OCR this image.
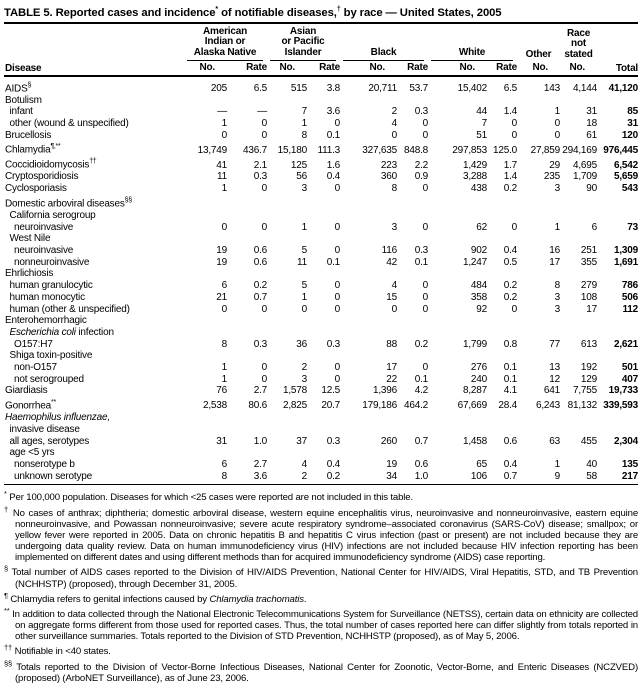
TABLE 5. Reported cases and incidence* of notifiable diseases,† by race — United States, 2005
Disease	
American
Indian or
Alaska Native

Asian
or Pacific
Islander	Black	White	Other

Race
not
stated
	Total
	No.	Rate	No.	Rate	No.	Rate	No.	Rate	No.	No.	
AIDS§	205	6.5	515	3.8	20,711	53.7	15,402	6.5	143	4,144	41,120
Botulism											
infant	—	—	7	3.6	2	0.3	44	1.4	1	31	85
other (wound & unspecified)	1	0	1	0	4	0	7	0	0	18	31
Brucellosis	0	0	8	0.1	0	0	51	0	0	61	120
Chlamydia¶,**	13,749	436.7	15,180	111.3	327,635	848.8	297,853	125.0	27,859	294,169	976,445
Coccidioidomycosis††	41	2.1	125	1.6	223	2.2	1,429	1.7	29	4,695	6,542
Cryptosporidiosis	11	0.3	56	0.4	360	0.9	3,288	1.4	235	1,709	5,659
Cyclosporiasis	1	0	3	0	8	0	438	0.2	3	90	543
Domestic arboviral diseases§§											
California serogroup											
neuroinvasive	0	0	1	0	3	0	62	0	1	6	73
West Nile											
neuroinvasive	19	0.6	5	0	116	0.3	902	0.4	16	251	1,309
nonneuroinvasive	19	0.6	11	0.1	42	0.1	1,247	0.5	17	355	1,691
Ehrlichiosis											
human granulocytic	6	0.2	5	0	4	0	484	0.2	8	279	786
human monocytic	21	0.7	1	0	15	0	358	0.2	3	108	506
human (other & unspecified)	0	0	0	0	0	0	92	0	3	17	112
Enterohemorrhagic											
Escherichia coli infection											
O157:H7	8	0.3	36	0.3	88	0.2	1,799	0.8	77	613	2,621
Shiga toxin-positive											
non-O157	1	0	2	0	17	0	276	0.1	13	192	501
not serogrouped	1	0	3	0	22	0.1	240	0.1	12	129	407
Giardiasis	76	2.7	1,578	12.5	1,396	4.2	8,287	4.1	641	7,755	19,733
Gonorrhea**	2,538	80.6	2,825	20.7	179,186	464.2	67,669	28.4	6,243	81,132	339,593
Haemophilus influenzae,											
invasive disease											
all ages, serotypes	31	1.0	37	0.3	260	0.7	1,458	0.6	63	455	2,304
age <5 yrs											
nonserotype b	6	2.7	4	0.4	19	0.6	65	0.4	1	40	135
unknown serotype	8	3.6	2	0.2	34	1.0	106	0.7	9	58	217
* Per 100,000 population. Diseases for which <25 cases were reported are not included in this table.
† No cases of anthrax; diphtheria; domestic arboviral disease, western equine encephalitis virus, neuroinvasive and nonneuroinvasive, eastern equine nonneuroinvasive, and Powassan nonneuroinvasive; severe acute respiratory syndrome–associated coronavirus (SARS-CoV) disease; smallpox; or yellow fever were reported in 2005. Data on chronic hepatitis B and hepatitis C virus infection (past or present) are not included because they are undergoing data quality review. Data on human immunodeficiency virus (HIV) infections are not included because HIV infection reporting has been implemented on different dates and using different methods than for acquired immunodeficiency syndrome (AIDS) case reporting.
§ Total number of AIDS cases reported to the Division of HIV/AIDS Prevention, National Center for HIV/AIDS, Viral Hepatitis, STD, and TB Prevention (NCHHSTP) (proposed), through December 31, 2005.
¶ Chlamydia refers to genital infections caused by Chlamydia trachomatis.
** In addition to data collected through the National Electronic Telecommunications System for Surveillance (NETSS), certain data on ethnicity are collected on aggregate forms different from those used for reported cases. Thus, the total number of cases reported here can differ slightly from totals reported in other surveillance summaries. Totals reported to the Division of STD Prevention, NCHHSTP (proposed), as of May 5, 2006.
†† Notifiable in <40 states.
§§ Totals reported to the Division of Vector-Borne Infectious Diseases, National Center for Zoonotic, Vector-Borne, and Enteric Diseases (NCZVED) (proposed) (ArboNET Surveillance), as of June 23, 2006.
